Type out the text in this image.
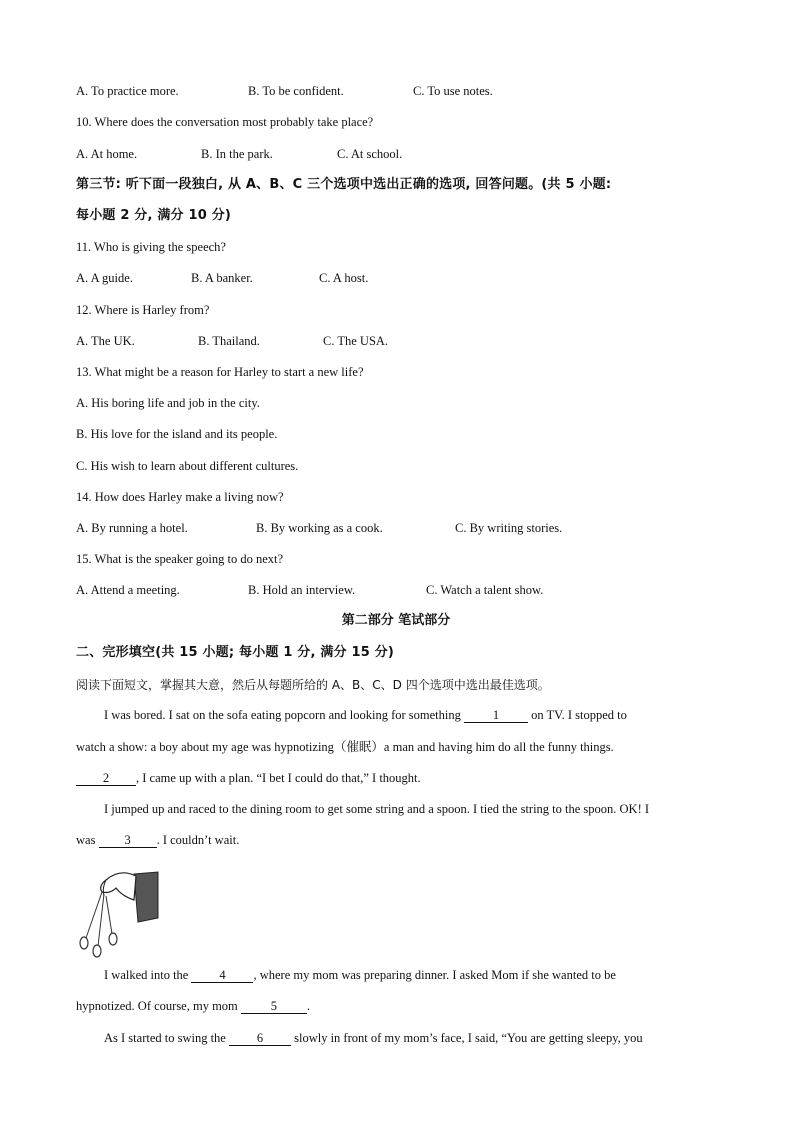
A. To practice more.	B. To be confident.	C. To use notes.
10. Where does the conversation most probably take place?
A. At home.	B. In the park.	C. At school.
第三节: 听下面一段独白, 从 A、B、C 三个选项中选出正确的选项, 回答问题。(共 5 小题:
每小题 2 分, 满分 10 分)
11. Who is giving the speech?
A. A guide.	B. A banker.	C. A host.
12. Where is Harley from?
A. The UK.	B. Thailand.	C. The USA.
13. What might be a reason for Harley to start a new life?
A. His boring life and job in the city.
B. His love for the island and its people.
C. His wish to learn about different cultures.
14. How does Harley make a living now?
A. By running a hotel.	B. By working as a cook.	C. By writing stories.
15. What is the speaker going to do next?
A. Attend a meeting.	B. Hold an interview.	C. Watch a talent show.
第二部分 笔试部分
二、完形填空(共 15 小题; 每小题 1 分, 满分 15 分)
阅读下面短文，掌握其大意，然后从每题所给的 A、B、C、D 四个选项中选出最佳选项。
I was bored. I sat on the sofa eating popcorn and looking for something 1 on TV. I stopped to
watch a show: a boy about my age was hypnotizing（催眠）a man and having him do all the funny things.
2 , I came up with a plan. “I bet I could do that,” I thought.
I jumped up and raced to the dining room to get some string and a spoon. I tied the string to the spoon. OK! I
was 3 . I couldn’t wait.
I walked into the 4 , where my mom was preparing dinner. I asked Mom if she wanted to be
hypnotized. Of course, my mom 5 .
As I started to swing the 6 slowly in front of my mom’s face, I said, “You are getting sleepy, you
